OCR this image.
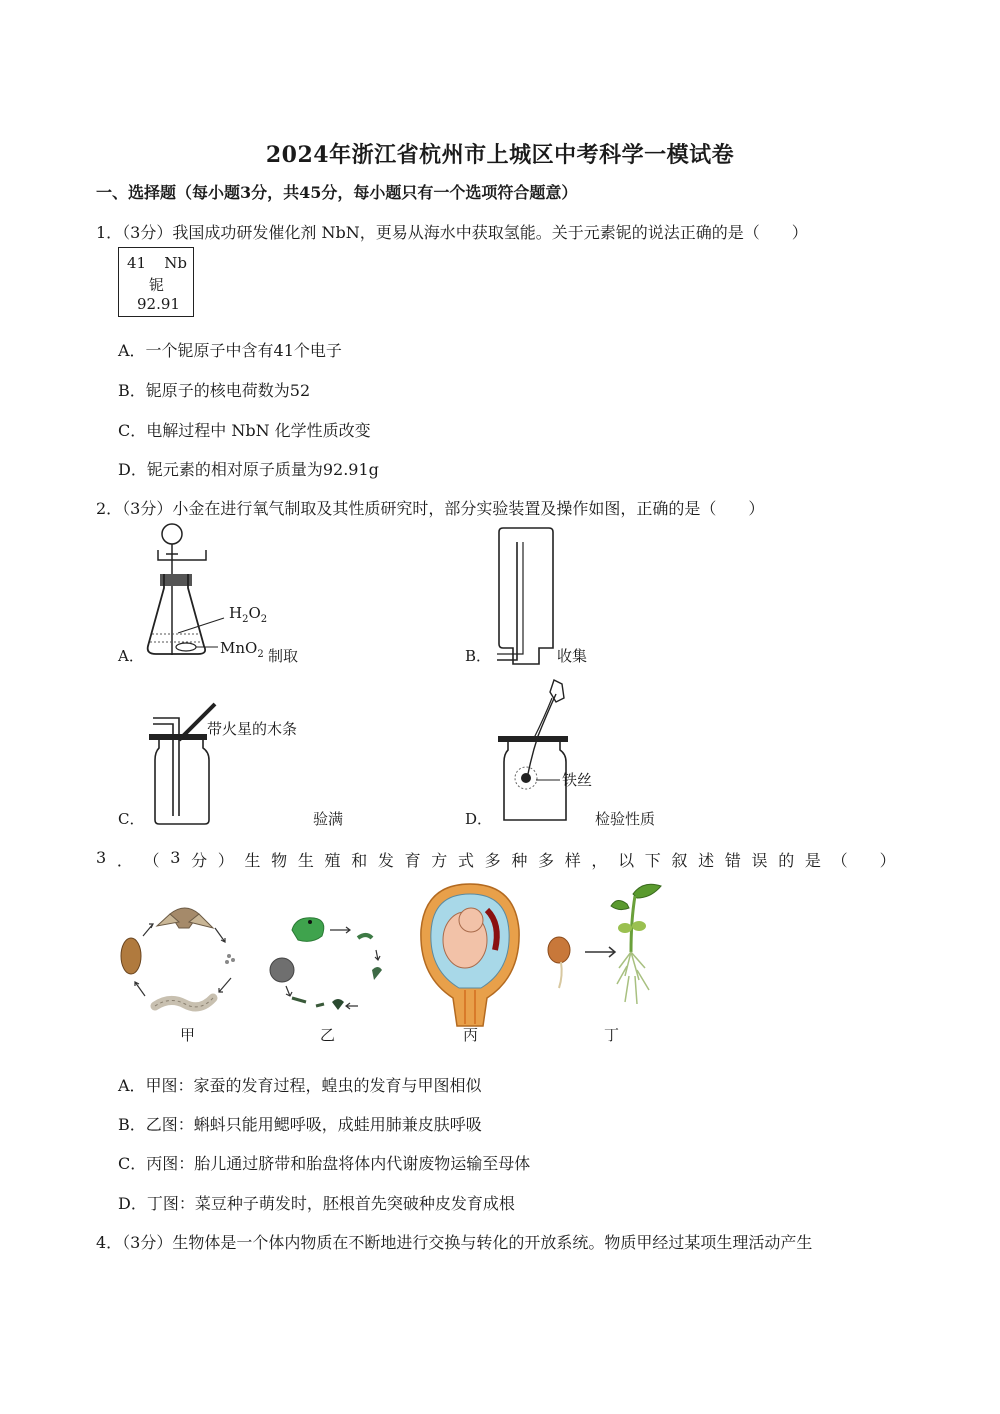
2024年浙江省杭州市上城区中考科学一模试卷
一、选择题（每小题3分，共45分，每小题只有一个选项符合题意）
1．（3分）我国成功研发催化剂 NbN，更易从海水中获取氢能。关于元素铌的说法正确的是（　　）
41 Nb
铌
92.91
A．一个铌原子中含有41个电子
B．铌原子的核电荷数为52
C．电解过程中 NbN 化学性质改变
D．铌元素的相对原子质量为92.91g
2．（3分）小金在进行氧气制取及其性质研究时，部分实验装置及操作如图，正确的是（　　）
A．
$H_2O_2$
MnO$_2$ 制取	B．	收集
C．
带火星的木条
验满	D．
铁丝
检验性质
3 ． （ 3 分 ） 生 物 生 殖 和 发 育 方 式 多 种 多 样 ， 以 下 叙 述 错 误 的 是 （ ）
甲	乙	丙	丁
A．甲图：家蚕的发育过程，蝗虫的发育与甲图相似
B．乙图：蝌蚪只能用鳃呼吸，成蛙用肺兼皮肤呼吸
C．丙图：胎儿通过脐带和胎盘将体内代谢废物运输至母体
D．丁图：菜豆种子萌发时，胚根首先突破种皮发育成根
4．（3分）生物体是一个体内物质在不断地进行交换与转化的开放系统。物质甲经过某项生理活动产生
